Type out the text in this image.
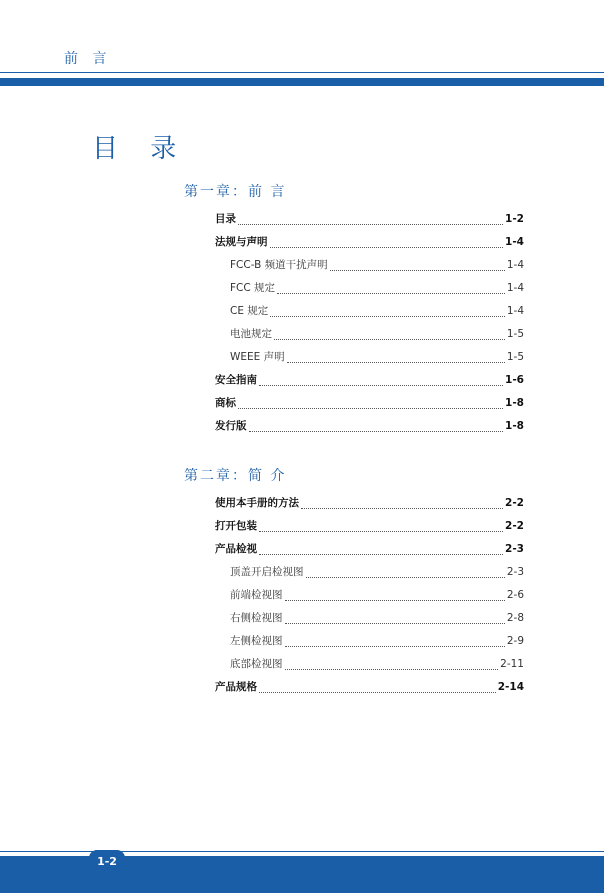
前 言
目 录
第一章：前 言
目录	1-2
法规与声明	1-4
FCC-B 频道干扰声明	1-4
FCC 规定	1-4
CE 规定	1-4
电池规定	1-5
WEEE 声明	1-5
安全指南	1-6
商标	1-8
发行版	1-8
第二章：简 介
使用本手册的方法	2-2
打开包装	2-2
产品检视	2-3
顶盖开启检视图	2-3
前端检视图	2-6
右侧检视图	2-8
左侧检视图	2-9
底部检视图	2-11
产品规格	2-14
1-2
